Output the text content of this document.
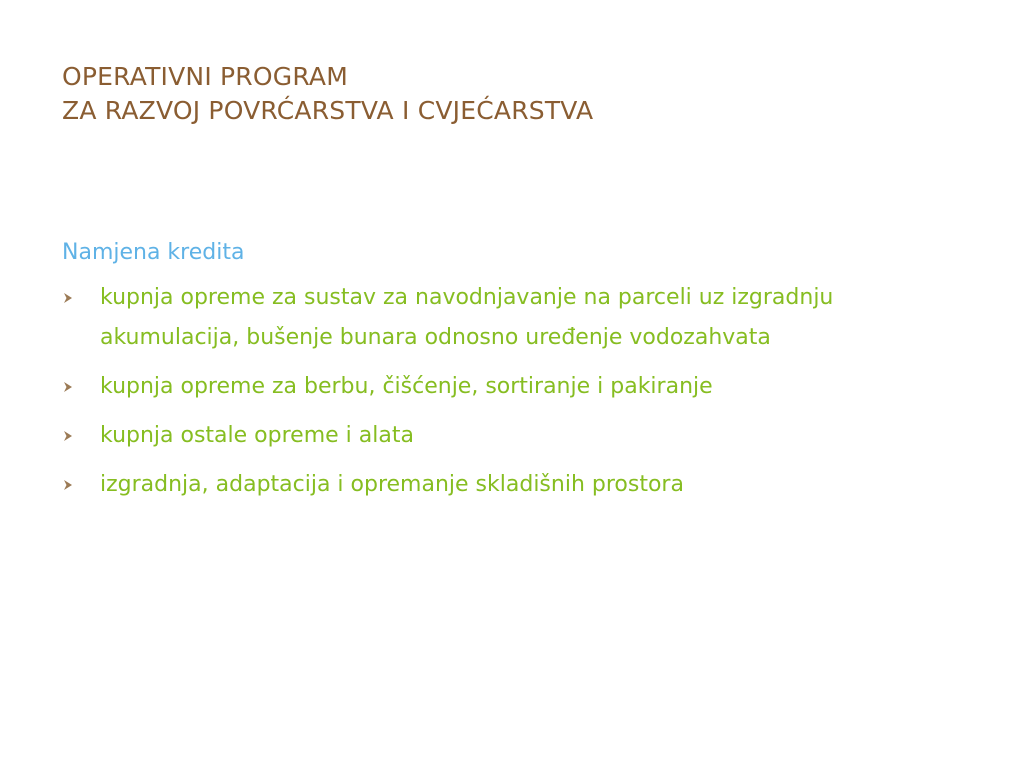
OPERATIVNI PROGRAM
ZA RAZVOJ POVRĆARSTVA I CVJEĆARSTVA
Namjena kredita
kupnja opreme za sustav za navodnjavanje na parceli uz izgradnju akumulacija, bušenje bunara odnosno uređenje vodozahvata
kupnja opreme za berbu, čišćenje, sortiranje i pakiranje
kupnja ostale opreme i alata
izgradnja, adaptacija i opremanje skladišnih prostora
